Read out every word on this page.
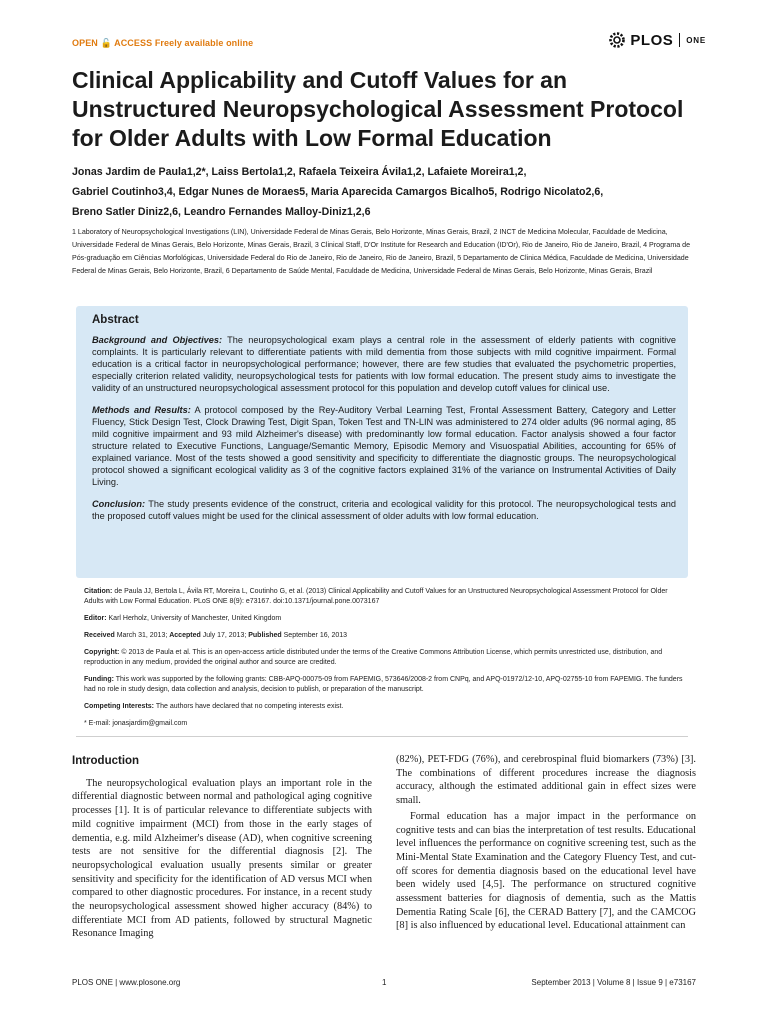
OPEN 🔓 ACCESS Freely available online	PLOS ONE
Clinical Applicability and Cutoff Values for an Unstructured Neuropsychological Assessment Protocol for Older Adults with Low Formal Education
Jonas Jardim de Paula1,2*, Laiss Bertola1,2, Rafaela Teixeira Ávila1,2, Lafaiete Moreira1,2,
Gabriel Coutinho3,4, Edgar Nunes de Moraes5, Maria Aparecida Camargos Bicalho5, Rodrigo Nicolato2,6,
Breno Satler Diniz2,6, Leandro Fernandes Malloy-Diniz1,2,6
1 Laboratory of Neuropsychological Investigations (LIN), Universidade Federal de Minas Gerais, Belo Horizonte, Minas Gerais, Brazil, 2 INCT de Medicina Molecular, Faculdade de Medicina, Universidade Federal de Minas Gerais, Belo Horizonte, Minas Gerais, Brazil, 3 Clinical Staff, D'Or Institute for Research and Education (ID'Or), Rio de Janeiro, Rio de Janeiro, Brazil, 4 Programa de Pós-graduação em Ciências Morfológicas, Universidade Federal do Rio de Janeiro, Rio de Janeiro, Rio de Janeiro, Brazil, 5 Departamento de Clinica Médica, Faculdade de Medicina, Universidade Federal de Minas Gerais, Belo Horizonte, Brazil, 6 Departamento de Saúde Mental, Faculdade de Medicina, Universidade Federal de Minas Gerais, Belo Horizonte, Minas Gerais, Brazil
Abstract

Background and Objectives: The neuropsychological exam plays a central role in the assessment of elderly patients with cognitive complaints. It is particularly relevant to differentiate patients with mild dementia from those subjects with mild cognitive impairment. Formal education is a critical factor in neuropsychological performance; however, there are few studies that evaluated the psychometric properties, especially criterion related validity, neuropsychological tests for patients with low formal education. The present study aims to investigate the validity of an unstructured neuropsychological assessment protocol for this population and develop cutoff values for clinical use.

Methods and Results: A protocol composed by the Rey-Auditory Verbal Learning Test, Frontal Assessment Battery, Category and Letter Fluency, Stick Design Test, Clock Drawing Test, Digit Span, Token Test and TN-LIN was administered to 274 older adults (96 normal aging, 85 mild cognitive impairment and 93 mild Alzheimer's disease) with predominantly low formal education. Factor analysis showed a four factor structure related to Executive Functions, Language/Semantic Memory, Episodic Memory and Visuospatial Abilities, accounting for 65% of explained variance. Most of the tests showed a good sensitivity and specificity to differentiate the diagnostic groups. The neuropsychological protocol showed a significant ecological validity as 3 of the cognitive factors explained 31% of the variance on Instrumental Activities of Daily Living.

Conclusion: The study presents evidence of the construct, criteria and ecological validity for this protocol. The neuropsychological tests and the proposed cutoff values might be used for the clinical assessment of older adults with low formal education.

Citation: de Paula JJ, Bertola L, Ávila RT, Moreira L, Coutinho G, et al. (2013) Clinical Applicability and Cutoff Values for an Unstructured Neuropsychological Assessment Protocol for Older Adults with Low Formal Education. PLoS ONE 8(9): e73167. doi:10.1371/journal.pone.0073167

Editor: Karl Herholz, University of Manchester, United Kingdom

Received March 31, 2013; Accepted July 17, 2013; Published September 16, 2013

Copyright: © 2013 de Paula et al. This is an open-access article distributed under the terms of the Creative Commons Attribution License, which permits unrestricted use, distribution, and reproduction in any medium, provided the original author and source are credited.

Funding: This work was supported by the following grants: CBB-APQ-00075-09 from FAPEMIG, 573646/2008-2 from CNPq, and APQ-01972/12-10, APQ-02755-10 from FAPEMIG. The funders had no role in study design, data collection and analysis, decision to publish, or preparation of the manuscript.

Competing Interests: The authors have declared that no competing interests exist.

* E-mail: jonasjardim@gmail.com

Introduction

The neuropsychological evaluation plays an important role in the differential diagnostic between normal and pathological aging cognitive processes [1]. It is of particular relevance to differentiate subjects with mild cognitive impairment (MCI) from those in the early stages of dementia, e.g. mild Alzheimer's disease (AD), when cognitive screening tests are not sensitive for the differential diagnosis [2]. The neuropsychological evaluation usually presents similar or greater sensitivity and specificity for the identification of AD versus MCI when compared to other diagnostic procedures. For instance, in a recent study the neuropsychological assessment showed higher accuracy (84%) to differentiate MCI from AD patients, followed by structural Magnetic Resonance Imaging

(82%), PET-FDG (76%), and cerebrospinal fluid biomarkers (73%) [3]. The combinations of different procedures increase the diagnosis accuracy, although the estimated additional gain in effect sizes were small.

Formal education has a major impact in the performance on cognitive tests and can bias the interpretation of test results. Educational level influences the performance on cognitive screening test, such as the Mini-Mental State Examination and the Category Fluency Test, and cut-off scores for dementia diagnosis based on the educational level have been widely used [4,5]. The performance on structured cognitive assessment batteries for diagnosis of dementia, such as the Mattis Dementia Rating Scale [6], the CERAD Battery [7], and the CAMCOG [8] is also influenced by educational level. Educational attainment can

PLOS ONE | www.plosone.org	1	September 2013 | Volume 8 | Issue 9 | e73167
